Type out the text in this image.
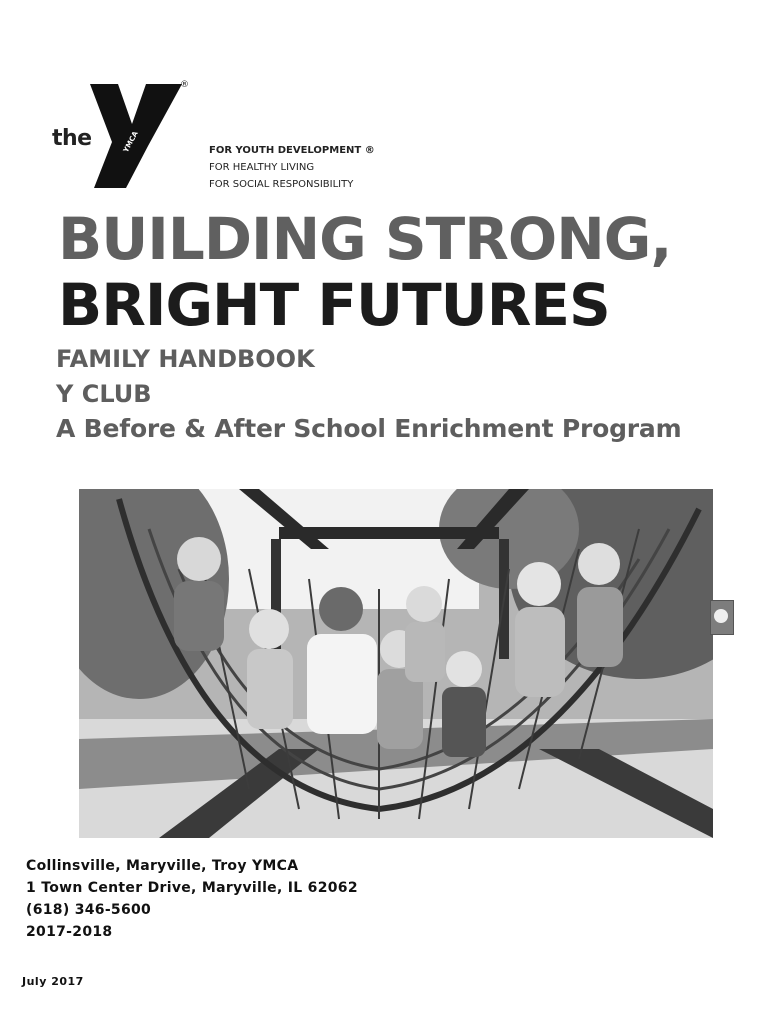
the
®
YMCA	FOR YOUTH DEVELOPMENT ®
FOR HEALTHY LIVING
FOR SOCIAL RESPONSIBILITY
BUILDING STRONG,
BRIGHT FUTURES
FAMILY HANDBOOK
Y CLUB
A Before & After School Enrichment Program
Collinsville, Maryville, Troy YMCA
1 Town Center Drive, Maryville, IL 62062
(618) 346-5600
2017-2018
July 2017
